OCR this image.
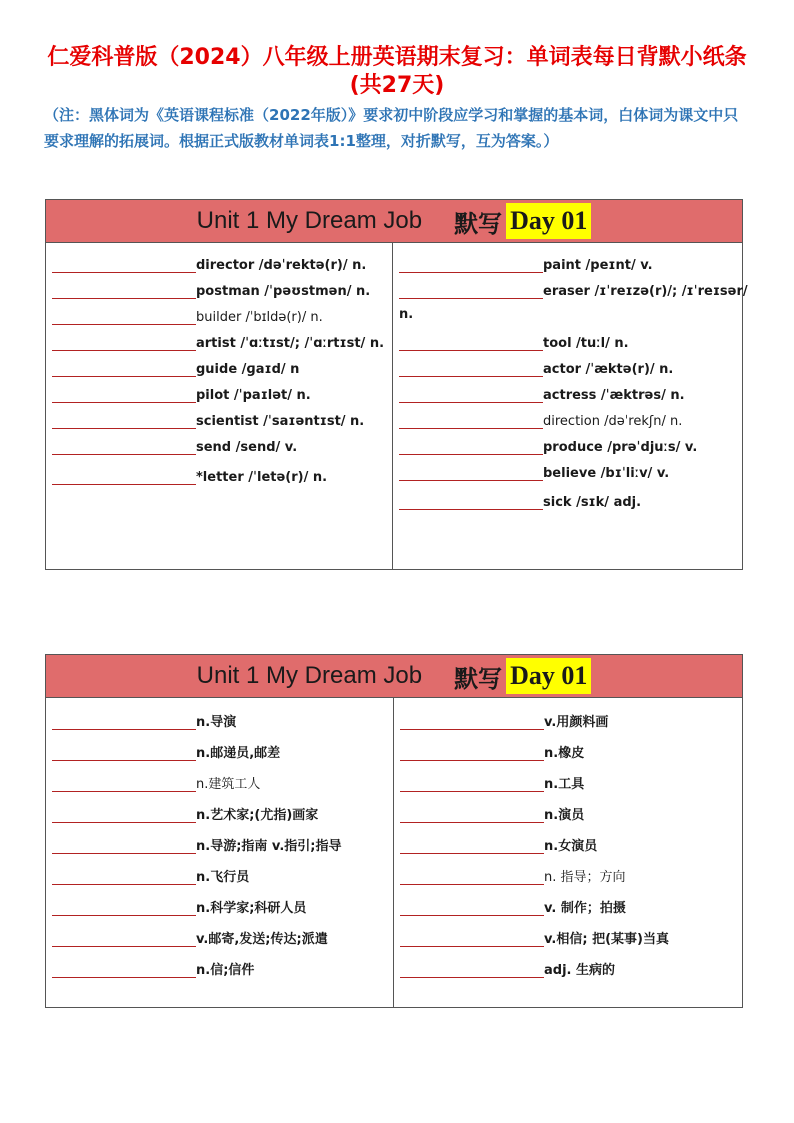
仁爱科普版（2024）八年级上册英语期末复习：单词表每日背默小纸条(共27天)
（注：黑体词为《英语课程标准（2022年版）》要求初中阶段应学习和掌握的基本词，白体词为课文中只要求理解的拓展词。根据正式版教材单词表1:1整理，对折默写，互为答案。）
Unit 1 My Dream Job 默写 Day 01
director /dəˈrektə(r)/ n.
postman /ˈpəʊstmən/ n.
builder /ˈbɪldə(r)/ n.
artist /ˈɑːtɪst/; /ˈɑːrtɪst/ n.
guide /ɡaɪd/ n
pilot /ˈpaɪlət/ n.
scientist /ˈsaɪəntɪst/ n.
send /send/ v.
*letter /ˈletə(r)/ n.
paint /peɪnt/ v.
eraser /ɪˈreɪzə(r)/; /ɪˈreɪsər/
n.
tool /tuːl/ n.
actor /ˈæktə(r)/ n.
actress /ˈæktrəs/ n.
direction /dəˈrekʃn/ n.
produce /prəˈdjuːs/ v.
believe /bɪˈliːv/ v.
sick /sɪk/ adj.
Unit 1 My Dream Job 默写 Day 01
n.导演
n.邮递员,邮差
n.建筑工人
n.艺术家;(尤指)画家
n.导游;指南 v.指引;指导
n.飞行员
n.科学家;科研人员
v.邮寄,发送;传达;派遣
n.信;信件
v.用颜料画
n.橡皮
n.工具
n.演员
n.女演员
n. 指导；方向
v. 制作；拍摄
v.相信; 把(某事)当真
adj. 生病的
